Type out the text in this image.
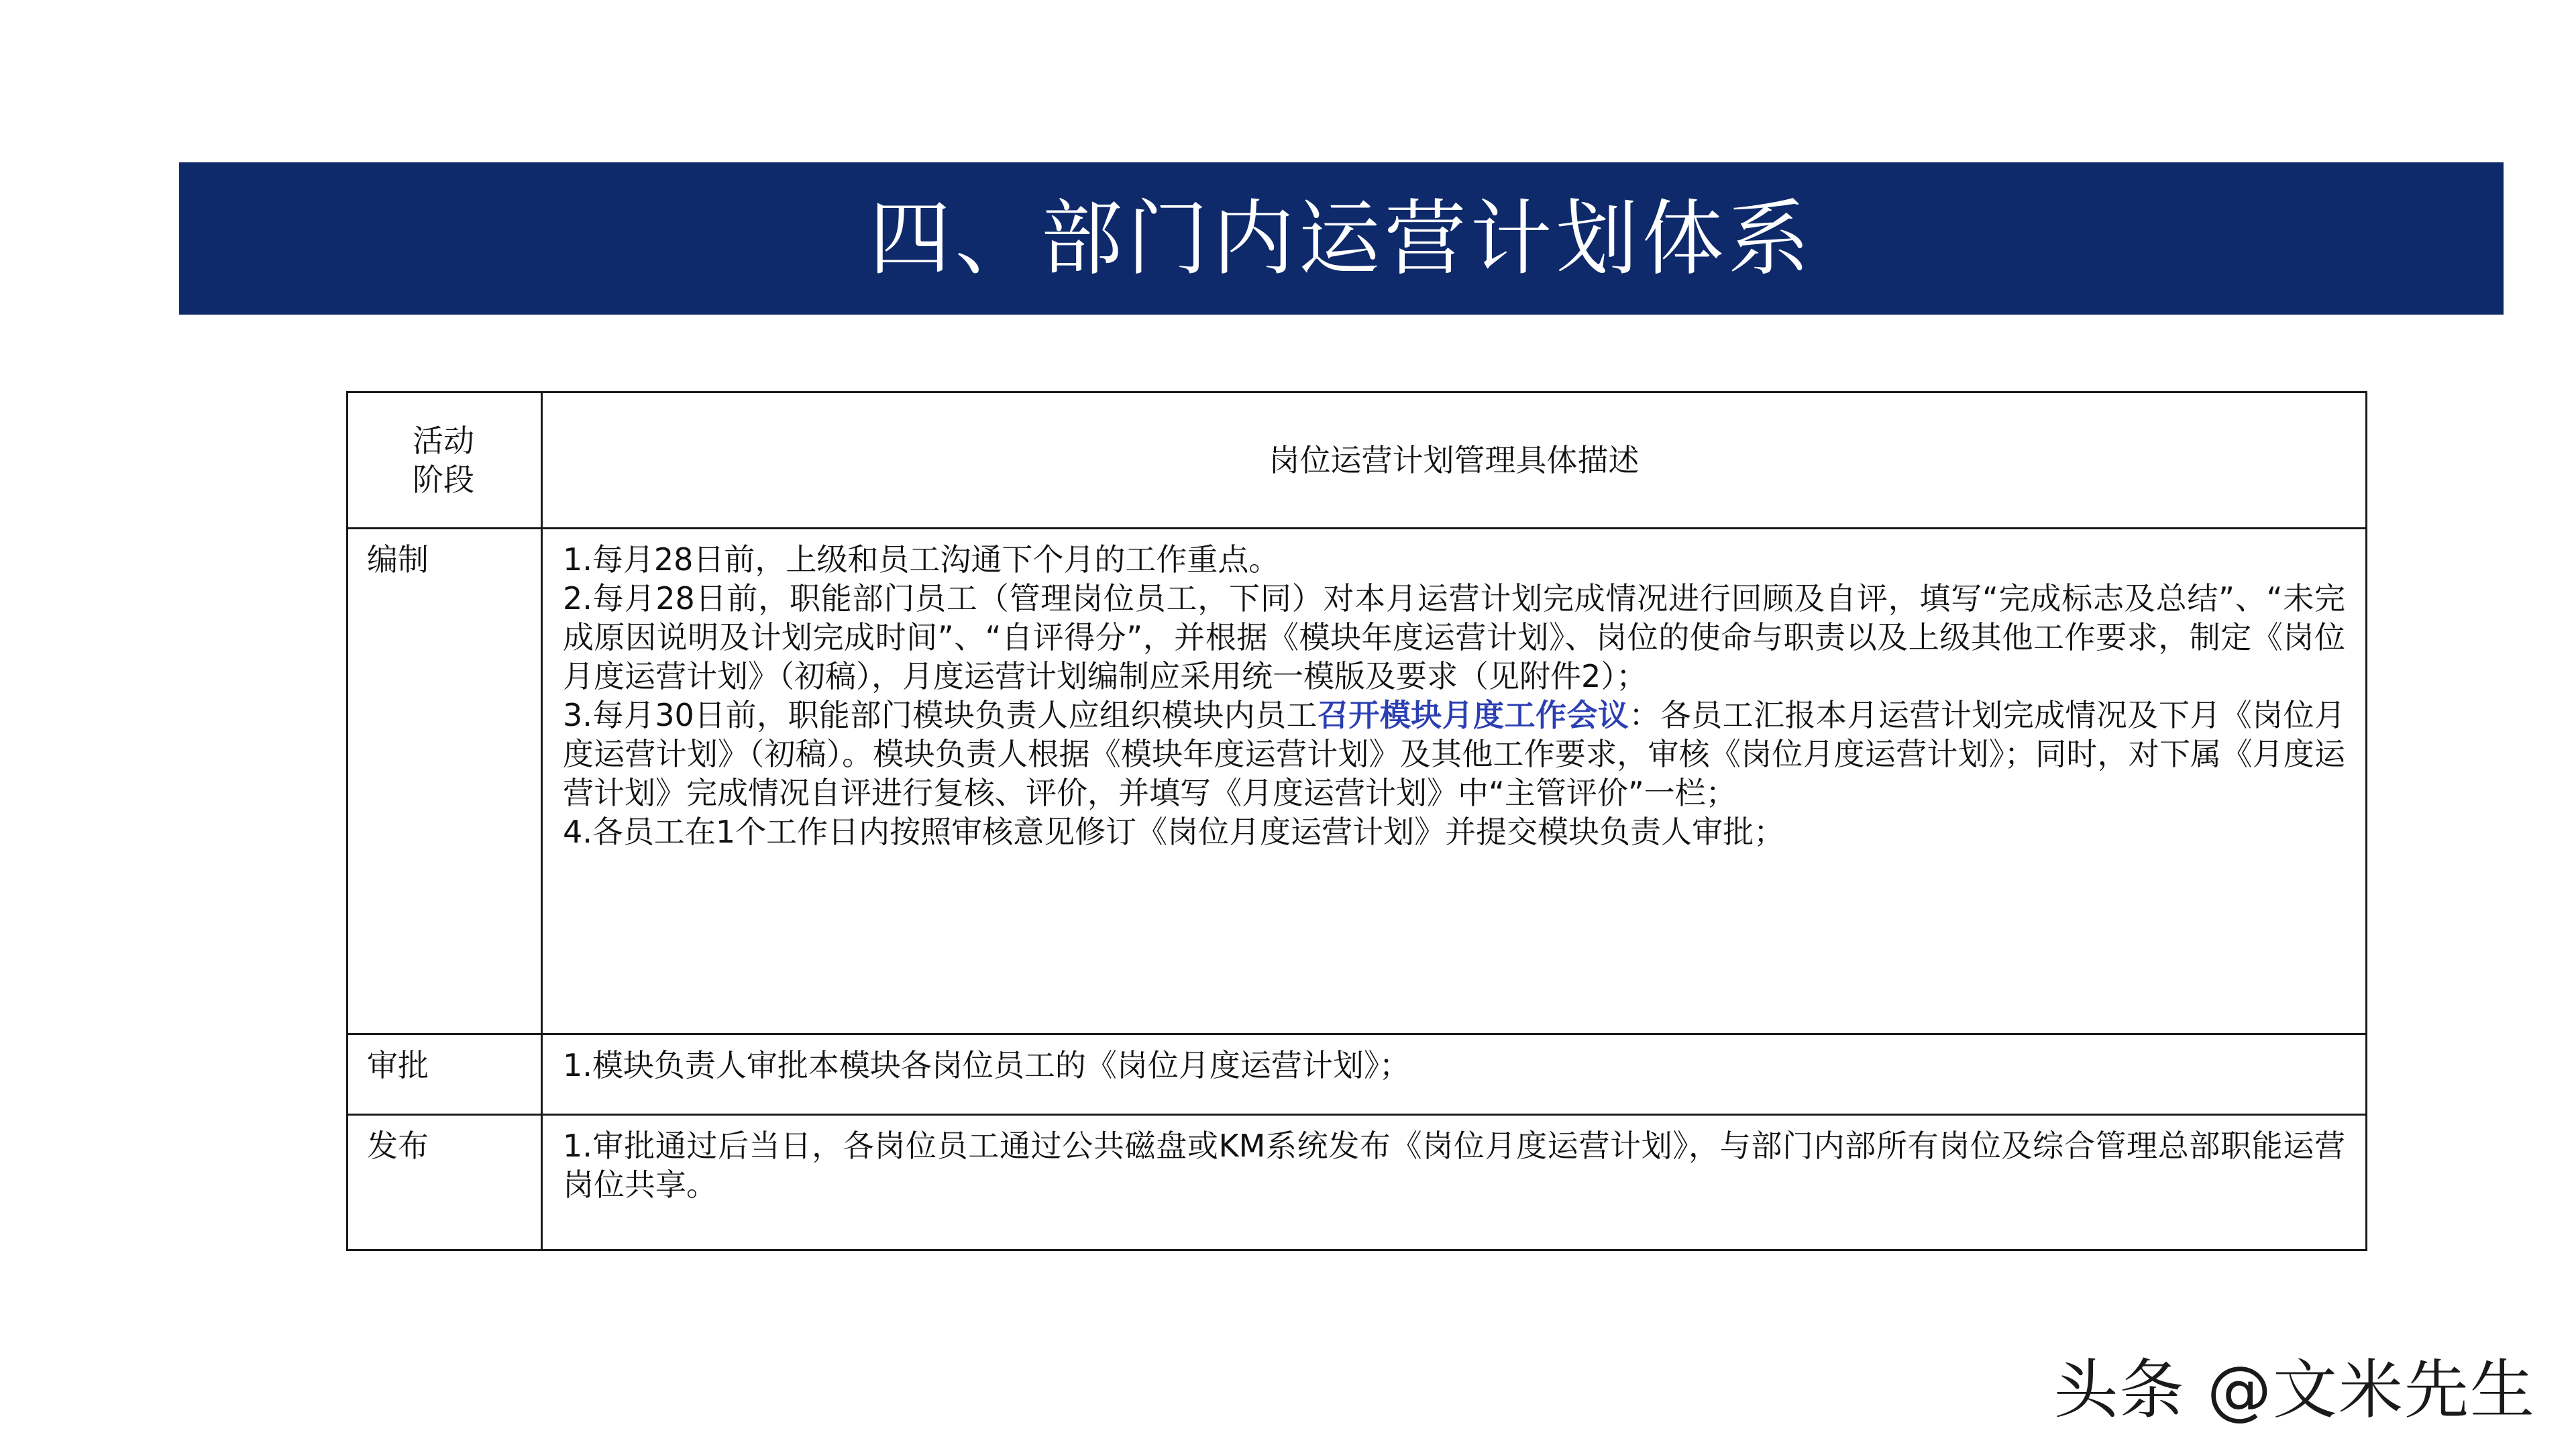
四、部门内运营计划体系
活动
阶段	岗位运营计划管理具体描述
编制	1.每月28日前，上级和员工沟通下个月的工作重点。

2.每月28日前，职能部门员工（管理岗位员工，下同）对本月运营计划完成情况进行回顾及自评，填写“完成标志及总结”、“未完成原因说明及计划完成时间”、“自评得分”，并根据《模块年度运营计划》、岗位的使命与职责以及上级其他工作要求，制定《岗位月度运营计划》（初稿），月度运营计划编制应采用统一模版及要求（见附件2）；

3.每月30日前，职能部门模块负责人应组织模块内员工召开模块月度工作会议：各员工汇报本月运营计划完成情况及下月《岗位月度运营计划》（初稿）。模块负责人根据《模块年度运营计划》及其他工作要求，审核《岗位月度运营计划》；同时，对下属《月度运营计划》完成情况自评进行复核、评价，并填写《月度运营计划》中“主管评价”一栏；

4.各员工在1个工作日内按照审核意见修订《岗位月度运营计划》并提交模块负责人审批；

审批	1.模块负责人审批本模块各岗位员工的《岗位月度运营计划》；

发布	1.审批通过后当日，各岗位员工通过公共磁盘或KM系统发布《岗位月度运营计划》，与部门内部所有岗位及综合管理总部职能运营岗位共享。

头条 @文米先生
